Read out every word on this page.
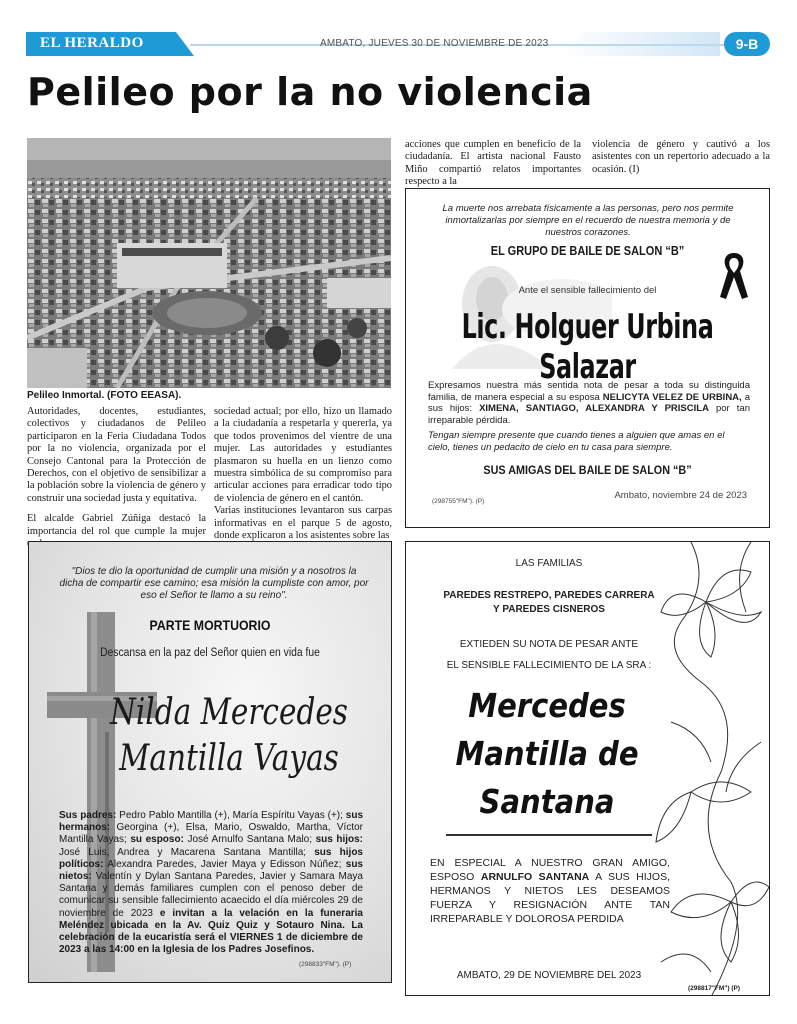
EL HERALDO	AMBATO, JUEVES 30 DE NOVIEMBRE DE 2023	9-B
Pelileo por la no violencia
Pelileo Inmortal. (FOTO EEASA).

Autoridades, docentes, estudiantes, colectivos y ciudadanos de Pelileo participaron en la Feria Ciudadana Todos por la no violencia, organizada por el Consejo Cantonal para la Protección de Derechos, con el objetivo de sensibilizar a la población sobre la violencia de género y construir una sociedad justa y equitativa.

El alcalde Gabriel Zúñiga destacó la importancia del rol que cumple la mujer

sociedad actual; por ello, hizo un llamado a la ciudadanía a respetarla y quererla, ya que todos provenimos del vientre de una mujer. Las autoridades y estudiantes plasmaron su huella en un lienzo como muestra simbólica de su compromiso para articular acciones para erradicar todo tipo de violencia de género en el cantón.

Varias instituciones levantaron sus carpas informativas en el parque 5 de agosto, donde explicaron a los asistentes sobre las

acciones que cumplen en beneficio de la ciudadanía. El artista nacional Fausto Miño compartió relatos importantes respecto a la

violencia de género y cautivó a los asistentes con un repertorio adecuado a la ocasión. (I)

La muerte nos arrebata físicamente a las personas, pero nos permite inmortalizarlas por siempre en el recuerdo de nuestra memoria y de nuestros corazones.
EL GRUPO DE BAILE DE SALON “B”
Ante el sensible fallecimiento del
Lic. Holguer Urbina Salazar
Expresamos nuestra más sentida nota de pesar a toda su distinguida familia, de manera especial a su esposa NELICYTA VELEZ DE URBINA, a sus hijos: XIMENA, SANTIAGO, ALEXANDRA Y PRISCILA por tan irreparable pérdida.
Tengan siempre presente que cuando tienes a alguien que amas en el cielo, tienes un pedacito de cielo en tu casa para siempre.
SUS AMIGAS DEL BAILE DE SALON “B”
Ambato, noviembre 24 de 2023
(298755"FM"). (P)
"Dios te dio la oportunidad de cumplir una misión y a nosotros la dicha de compartir ese camino; esa misión la cumpliste con amor, por eso el Señor te llamo a su reino".
PARTE MORTUORIO
Descansa en la paz del Señor quien en vida fue
Nilda Mercedes
Mantilla Vayas
Sus padres: Pedro Pablo Mantilla (+), María Espíritu Vayas (+); sus hermanos: Georgina (+), Elsa, Mario, Oswaldo, Martha, Víctor Mantilla Vayas; su esposo: José Arnulfo Santana Malo; sus hijos: José Luis, Andrea y Macarena Santana Mantilla; sus hijos políticos: Alexandra Paredes, Javier Maya y Edisson Núñez; sus nietos: Valentín y Dylan Santana Paredes, Javier y Samara Maya Santana y demás familiares cumplen con el penoso deber de comunicar su sensible fallecimiento acaecido el día miércoles 29 de noviembre de 2023 e invitan a la velación en la funeraria Meléndez ubicada en la Av. Quiz Quiz y Sotauro Nina. La celebración de la eucaristía será el VIERNES 1 de diciembre de 2023 a las 14:00 en la Iglesia de los Padres Josefinos.
(298833"FM"). (P)
LAS FAMILIAS
PAREDES RESTREPO, PAREDES CARRERA
Y PAREDES CISNEROS
EXTIEDEN SU NOTA DE PESAR ANTE
EL SENSIBLE FALLECIMIENTO DE LA SRA :
Mercedes
Mantilla de
Santana
EN ESPECIAL A NUESTRO GRAN AMIGO, ESPOSO ARNULFO SANTANA A SUS HIJOS, HERMANOS Y NIETOS LES DESEAMOS FUERZA Y RESIGNACIÓN ANTE TAN IRREPARABLE Y DOLOROSA PERDIDA
AMBATO, 29 DE NOVIEMBRE DEL 2023
(298817"FM") (P)
